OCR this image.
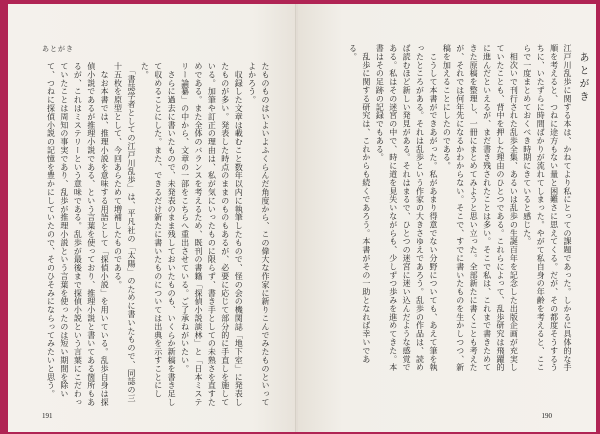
あとがき
たものものはいよいよふくらんだ角度から、この偉大な作家に新りこんでみたものといってよかろう。
　収録した文章は載むこと数年以内に執筆したもので、怪の会の機関誌「地下室」に発表したものが多い。発表した時点のままのものもあるが、必要に応じて部分的に手直しを施している。加筆や訂正の理由は、私が気にいったものに限らず、書き手としての未熟さを直すためである。また全体のバランスを考えるため、既刊の書籍「探偵小説談林」と「日本ミステリー論纂」の中から、文章の一部をこちらへ重出させている。ご了承ねがいたい。
　さらに過去に書いたもので、未発表のまま残しておいたものも、いくらか新稿を書き足して収めることにした。また、できるだけ新たに書いたものについては出典を示すことにした。
　「書誌学者としての江戸川乱歩」は、平凡社の「太陽」のために書いたもので、同誌の三十五枚を原型として、今回あらためて増補したものである。
　なお本書では、推理小説を意味する用語として「探偵小説」を用いている。乱歩自身は探偵小説であるが推理小説である、という言葉を使っており、推理小説と書いてある箇所もあるが、これはミステリーという意味である。乱歩が最後まで探偵小説という言葉にこだわっていたことは周知の事実であり、乱歩が推理小説という言葉を使ったのは短い期間を除いて、つねに探偵小説の記憶を豊かにしていたので、そのひそみにならってみたいと思う。
191
あとがき
江戸川乱歩に関する本は、かねてより私にとっての課題であった。しかるに具体的な手順を考えると、つねに途方もない量と困難さに思えてくる。だが、その都度そうするうちに、いたずらに時間ばかりが流れてしまった。やがて私自身の年齢を考えると、ここらで一度まとめておくべき時期にきていると感じた。
　相次いで刊行された乱歩全集、あるいは乱歩の生誕百年を記念した出版企画が充実していたことも、背中を押した理由のひとつである。これらによって、乱歩研究は飛躍的に進んだといえるが、まだ書き残されたことは多い。そこで私は、これまで書きためてきた原稿を整理し、一冊にまとめてみようと思い立った。全部新たに書くことも考えたが、それでは何年先になるかわからない。そこで、すでに書いたものを生かしつつ、新稿を加えることにしたのである。
　こうして本書ができあがった。私があまり得意でない分野についても、あえて筆を執ったところがある。それは乱歩という作家の大きさゆえであろう。乱歩の作品は、読めば読むほど新しい発見がある。それはまるで、ひとつの迷宮に迷い込んだような感覚である。私はその迷宮の中で、時に道を見失いながらも、少しずつ歩みを進めてきた。本書はその足跡の記録でもある。
　乱歩に関する研究は、これからも続くであろう。本書がその一助となれば幸いである。
190
